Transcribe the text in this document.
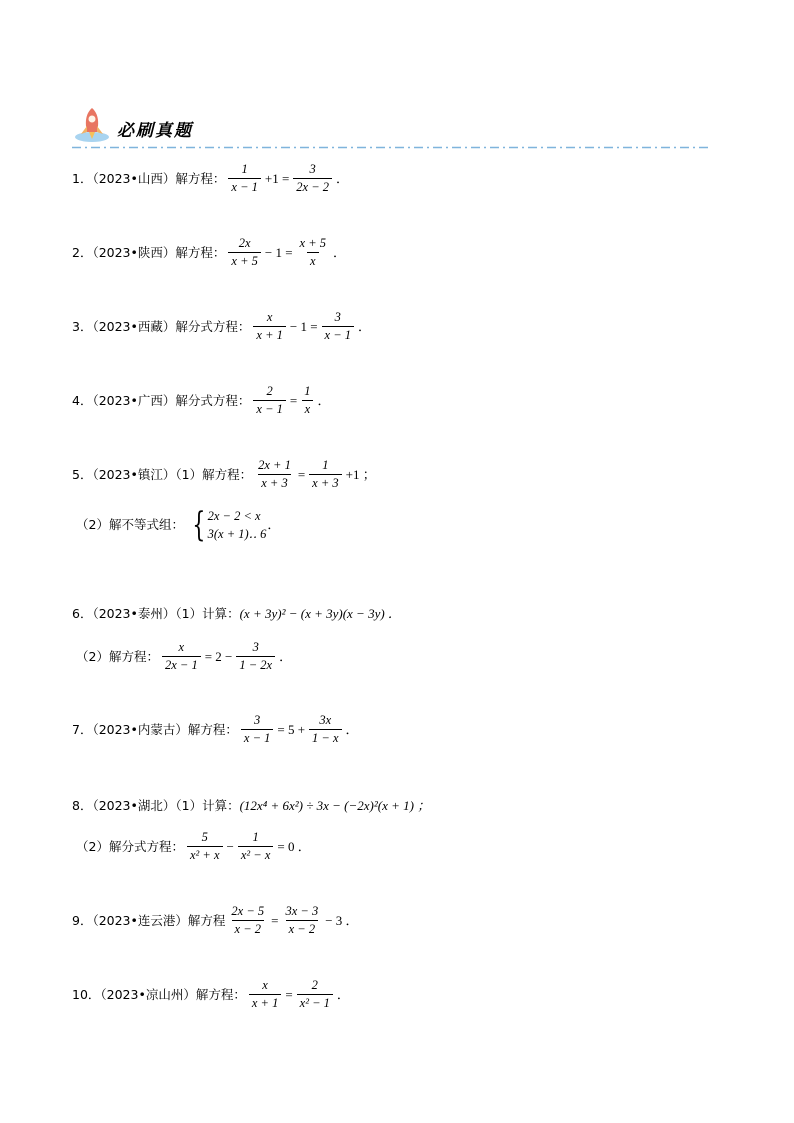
必刷真题
1．（2023•山西）解方程： $\frac{1}{x - 1} +1 = \frac{3}{2x - 2}$ ．
2．（2023•陕西）解方程： $\frac{2x}{x + 5} - 1 = \frac{x + 5}{x}$ ．
3．（2023•西藏）解分式方程： $\frac{x}{x + 1} - 1 = \frac{3}{x - 1}$ ．
4．（2023•广西）解分式方程： $\frac{2}{x - 1} = \frac{1}{x}$ ．
5．（2023•镇江）（1）解方程： $\frac{2x + 1}{x + 3} = \frac{1}{x + 3} +1$ ；
（2）解不等式组： { 2x − 2 < x
3(x + 1)‥ 6
．
6．（2023•泰州）（1）计算： (x + 3y)² − (x + 3y)(x − 3y) ．
（2）解方程： $\frac{x}{2x - 1} = 2 - \frac{3}{1 - 2x}$ ．
7．（2023•内蒙古）解方程： $\frac{3}{x - 1} = 5 + \frac{3x}{1 - x}$ ．
8．（2023•湖北）（1）计算： (12x⁴ + 6x²) ÷ 3x − (−2x)²(x + 1) ；
（2）解分式方程： $\frac{5}{\text{x² + x}} - \frac{1}{\text{x² − x}} = 0$ ．
9．（2023•连云港）解方程 $\frac{2x - 5}{x - 2} = \frac{3x - 3}{x - 2} - 3$ ．
10．（2023•凉山州）解方程： $\frac{x}{x + 1} = \frac{2}{\text{x² − 1}}$ ．
